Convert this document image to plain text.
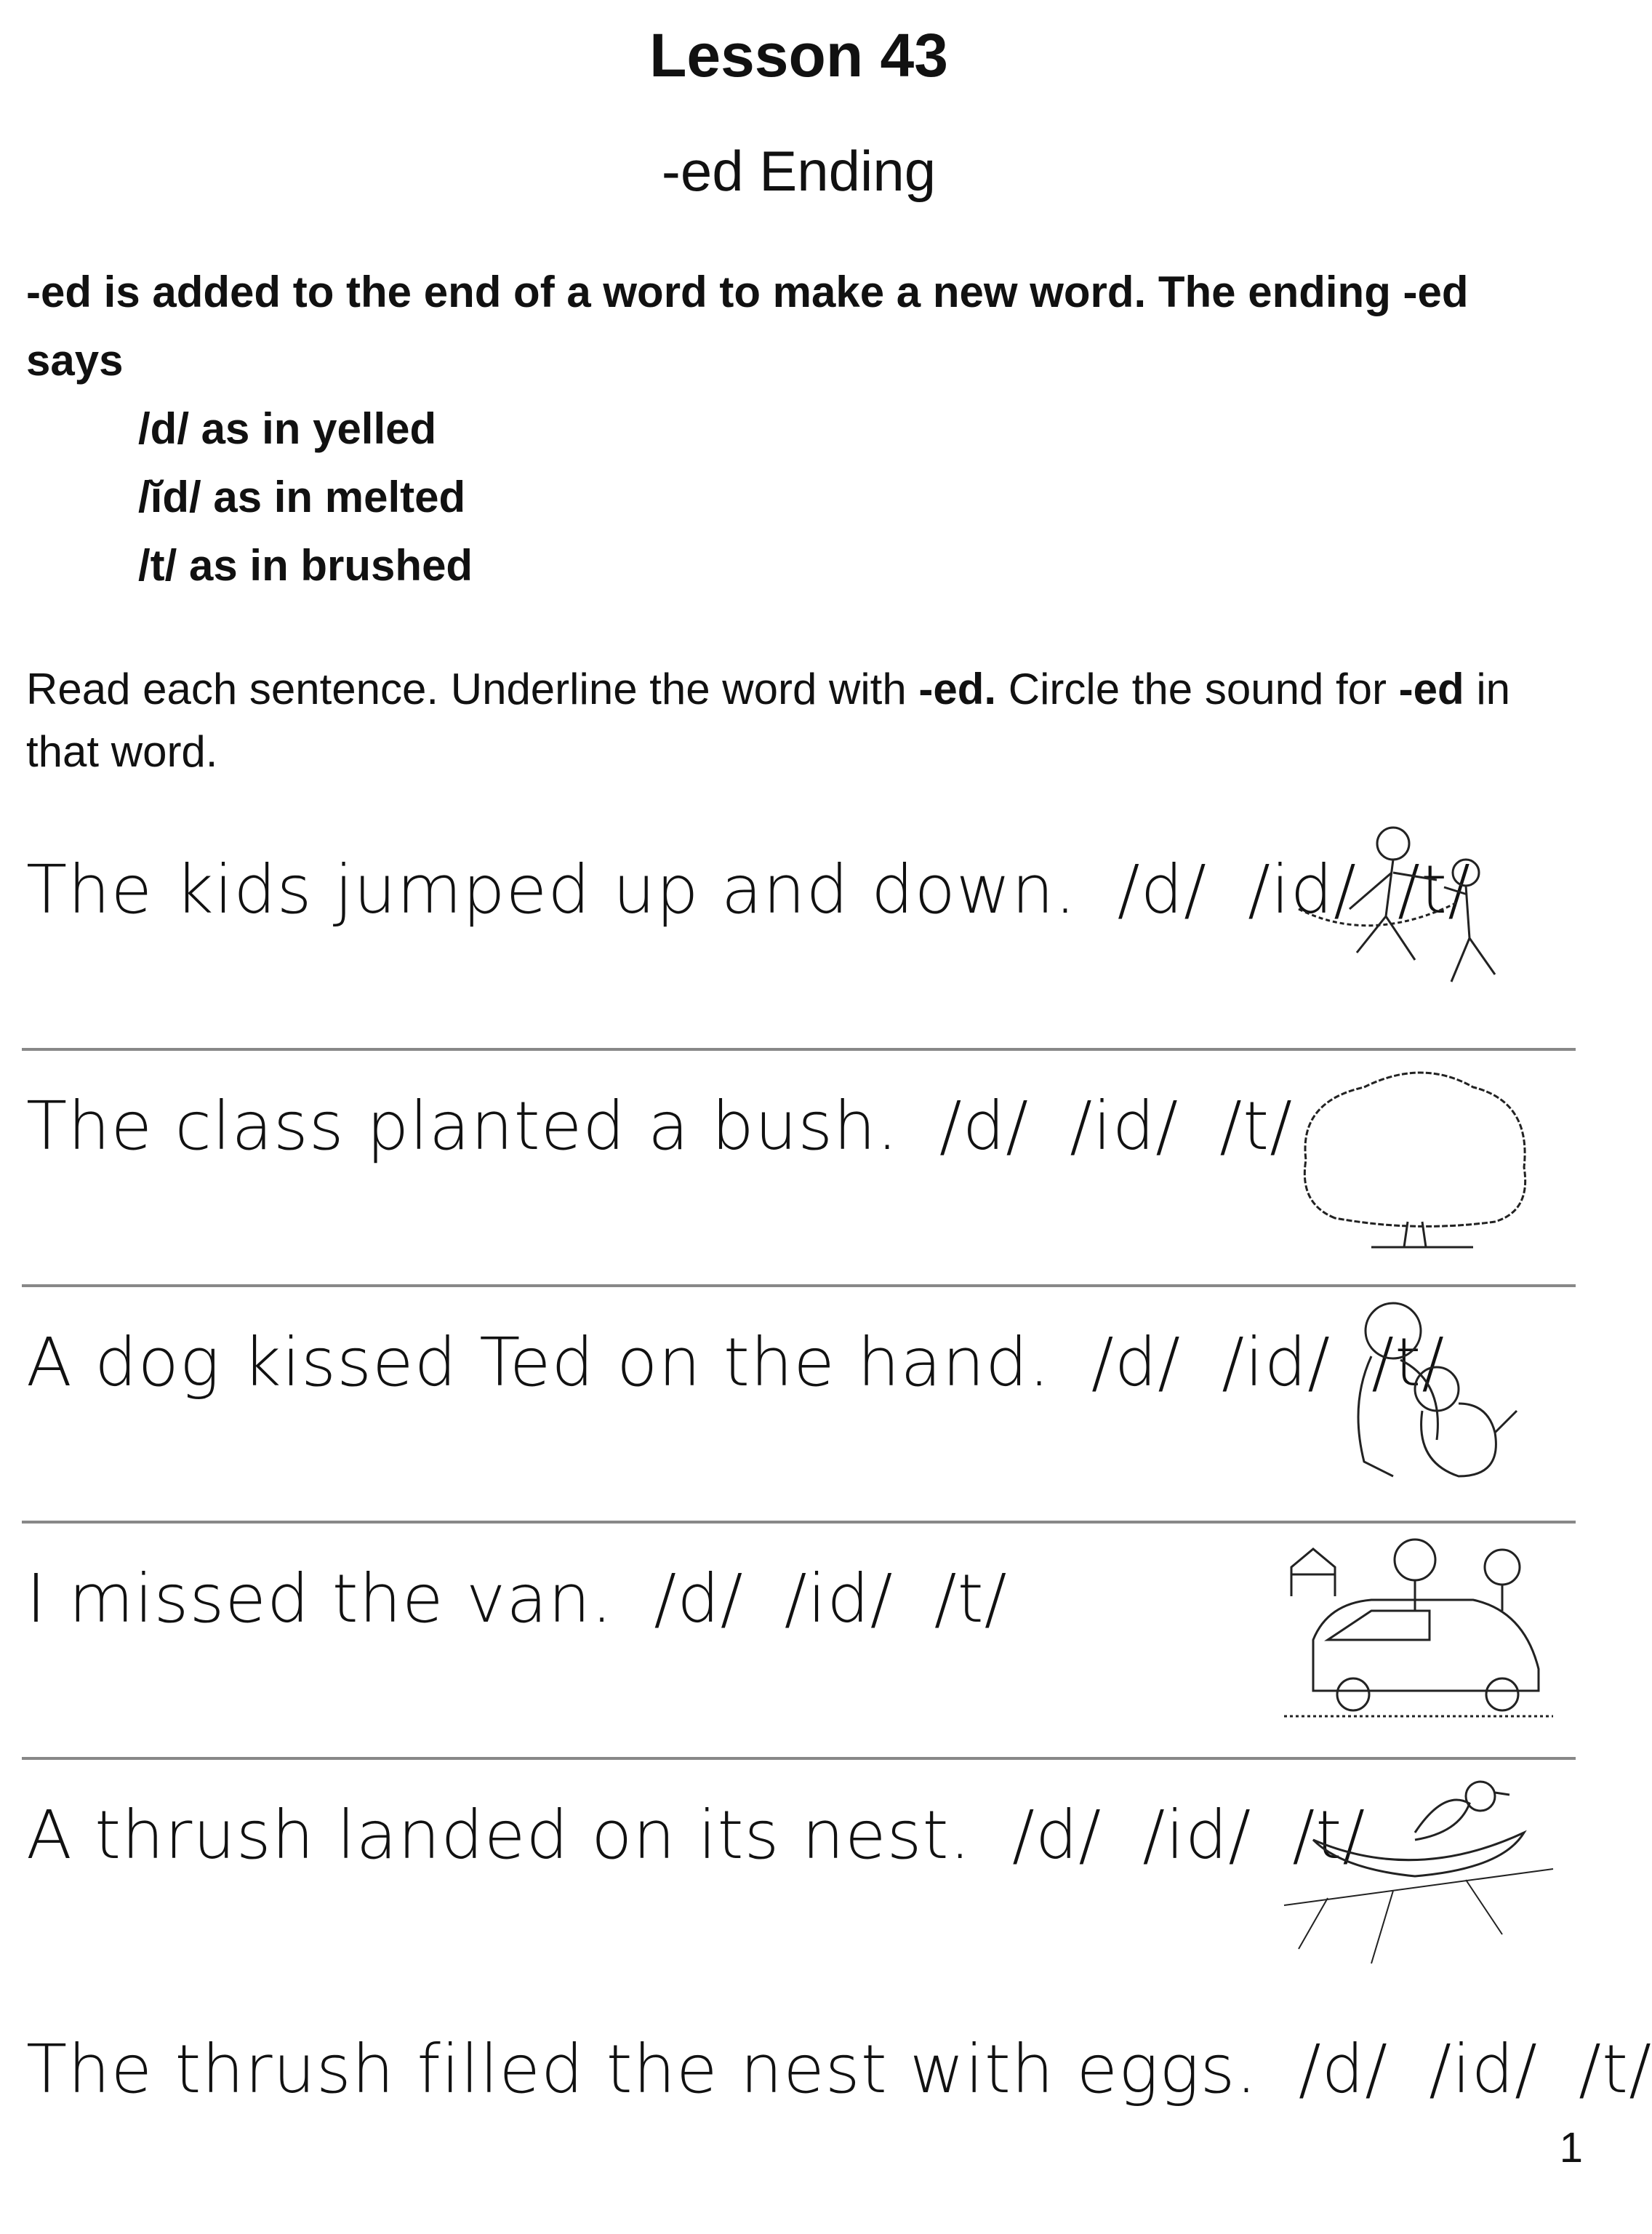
Lesson 43
-ed Ending
-ed is added to the end of a word to make a new word. The ending -ed says
/d/ as in yelled
/ĭd/ as in melted
/t/ as in brushed
Read each sentence. Underline the word with -ed. Circle the sound for -ed in that word.
The kids jumped up and down. /d/ /id/ /t/
The class planted a bush. /d/ /id/ /t/
A dog kissed Ted on the hand. /d/ /id/ /t/
I missed the van. /d/ /id/ /t/
A thrush landed on its nest. /d/ /id/ /t/
The thrush filled the nest with eggs. /d/ /id/ /t/
1
